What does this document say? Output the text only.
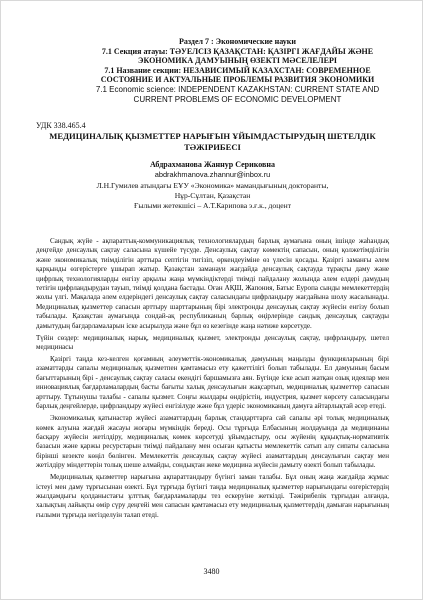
Раздел 7 : Экономические науки
7.1 Секция атауы: ТӘУЕЛСІЗ ҚАЗАҚСТАН: ҚАЗІРГІ ЖАҒДАЙЫ ЖӘНЕ
ЭКОНОМИКА ДАМУЫНЫҢ ӨЗЕКТІ МӘСЕЛЕЛЕРІ
7.1 Название секции: НЕЗАВИСИМЫЙ КАЗАХСТАН: СОВРЕМЕННОЕ
СОСТОЯНИЕ И АКТУАЛЬНЫЕ ПРОБЛЕМЫ РАЗВИТИЯ ЭКОНОМИКИ
7.1 Economic science: INDEPENDENT KAZAKHSTAN: CURRENT STATE AND
CURRENT PROBLEMS OF ECONOMIC DEVELOPMENT
УДК 338.465.4
МЕДИЦИНАЛЫҚ ҚЫЗМЕТТЕР НАРЫҒЫН ҰЙЫМДАСТЫРУДЫҢ ШЕТЕЛДІК
ТӘЖІРИБЕСІ
Абдрахманова Жаннур Сериковна
abdrakhmanova.zhannur@inbox.ru
Л.Н.Гумилев атындағы ЕҰУ «Экономика» мамандығының докторанты,
Нұр-Сұлтан, Қазақстан
Ғылыми жетекшісі – А.Т.Карипова э.ғ.к., доцент

Сандық жүйе - ақпараттық-коммуникациялық технологиялардың барлық аумағына оның ішінде жаһандық деңгейде денсаулық сақтау саласына күшейе түсуде. Денсаулық сақтау көмектің сапасын, оның қолжетімділігін және экономикалық тиімділігін арттыра септігін тигізіп, өркендеуіміне өз үлесін қосады. Қазіргі заманғы әлем қарқынды өзгерістерге ұшырап жатыр. Қазақстан заманауи жағдайда денсаулық сақтауда тұрақты даму және цифрлық технологияларды енгізу арқылы жаңа мүмкіндіктерді тиімді пайдалану жолында әлем елдері дамудың тетігін цифрландырудан тауып, тиімді қолдана бастады. Оған АҚШ, Жапония, Батыс Еуропа сынды мемлекеттердің жолы үлгі. Мақалада әлем елдеріндегі денсаулық сақтау саласындағы цифрландыру жағдайына шолу жасалынады. Медициналық қызметтер сапасын арттыру шарттарының бірі электронды денсаулық сақтау жүйесін енгізу болып табылады. Қазақстан аумағында сондай-ақ республиканың барлық өңірлерінде сандық денсаулық сақтауды дамытудың бағдарламаларын іске асырылуда және бұл өз кезегінде жаңа нәтиже көрсетуде.

Түйін сөздер: медициналық нарық, медициналық қызмет, электронды денсаулық сақтау, цифрландыру, шетел медицинасы

Қазіргі таңда кез-келген қоғамның әлеуметтік-экономикалық дамуының маңызды функцияларының бірі азаматтарды сапалы медициналық қызметпен қамтамасыз ету қажеттілігі болып табылады. Ел дамуының басым бағыттарының бірі - денсаулық сақтау саласы екендігі баршамызға аян. Бүгінде іске асып жатқан озық идеялар мен инновациялық бағдарламалардың басты бағыты халық денсаулығын жақсартып, медициналық қызметтер сапасын арттыру. Тұтынушы талабы - сапалы қызмет. Соңғы жылдары өндірістің, индустрия, қызмет көрсету саласындағы барлық деңгейлерде, цифрландыру жүйесі енгізілуде және бұл үдеріс экономиканың дамуға айтарлықтай әсер етеді.

Экономикалық қатынастар жүйесі азаматтардың барлық стандарттарға сай сапалы әрі толық медициналық көмек алуына жағдай жасауы жоғары мүмкіндік береді. Осы тұрғыда Елбасының жолдауында да медицинаны басқару жүйесін жетілдіру, медициналық көмек көрсетуді ұйымдастыру, осы жүйенің құқықтық-нормативтік базасын және қаржы ресурстарын тиімді пайдалану мен осыған қатысты мемлекеттік сатып алу сипаты саласына бірінші кезекте көңіл бөлінген. Мемлекеттік денсаулық сақтау жүйесі азаматтардың денсаулығын сақтау мен жетілдіру міндеттерін толық шеше алмайды, сондықтан жеке медицина жүйесін дамыту өзекті болып табылады.

Медициналық қызметтер нарығына ақпараттандыру бүгінгі заман талабы. Бұл оның жаңа жағдайда жұмыс істеуі мен даму тұрғысынан өзекті. Бұл тұрғыда бүгінгі таңда медициналық қызметтер нарығындағы өзгерістердің жылдамдығы қолданыстағы ұлттық бағдарламаларды тез ескеруіне жеткізді. Тәжірибелік тұрғыдан алғанда, халықтың лайықты өмір сүру деңгейі мен сапасын қамтамасыз ету медициналық қызметтердің дамыған нарығының ғылыми тұрғыда негізделуін талап етеді.

3480
